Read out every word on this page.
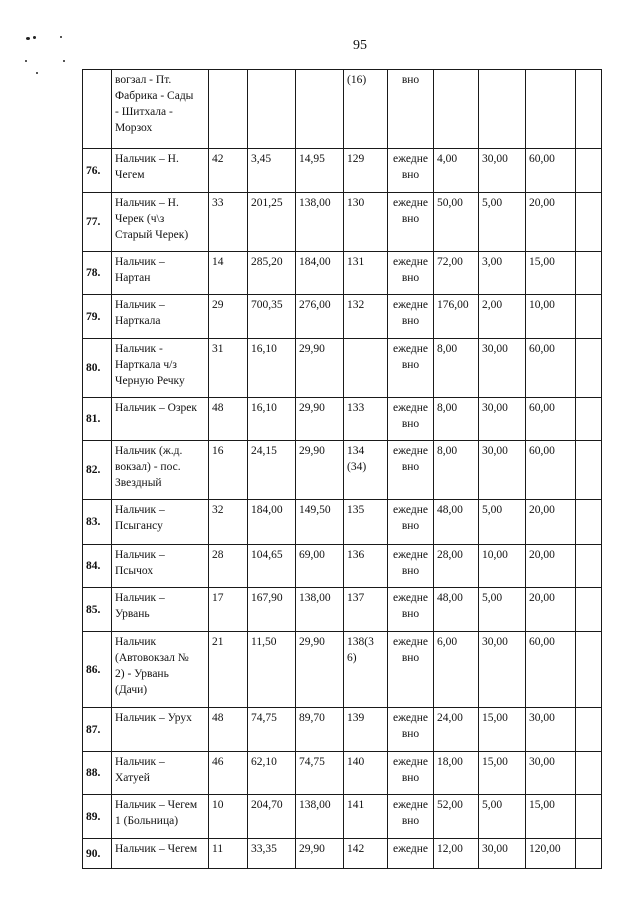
95

	вогзал - Пт.
Фабрика - Сады
- Шитхала -
Морзох				(16)	вно				

76.	Нальчик – Н.
Чегем	42	3,45	14,95	129	ежедне
вно	4,00	30,00	60,00	
77.	Нальчик – Н.
Черек (ч\з
Старый Черек)	33	201,25	138,00	130	ежедне
вно	50,00	5,00	20,00	
78.	Нальчик –
Нартан	14	285,20	184,00	131	ежедне
вно	72,00	3,00	15,00	
79.	Нальчик –
Нарткала	29	700,35	276,00	132	ежедне
вно	176,00	2,00	10,00	
80.	Нальчик -
Нарткала ч/з
Черную Речку	31	16,10	29,90		ежедне
вно	8,00	30,00	60,00	
81.	Нальчик – Озрек	48	16,10	29,90	133	ежедне
вно	8,00	30,00	60,00	
82.	Нальчик (ж.д.
вокзал) - пос.
Звездный	16	24,15	29,90	134
(34)	ежедне
вно	8,00	30,00	60,00	
83.	Нальчик –
Псыгансу	32	184,00	149,50	135	ежедне
вно	48,00	5,00	20,00	
84.	Нальчик –
Псычох	28	104,65	69,00	136	ежедне
вно	28,00	10,00	20,00	
85.	Нальчик –
Урвань	17	167,90	138,00	137	ежедне
вно	48,00	5,00	20,00	
86.	Нальчик
(Автовокзал №
2) - Урвань
(Дачи)	21	11,50	29,90	138(3
6)	ежедне
вно	6,00	30,00	60,00	
87.	Нальчик – Урух	48	74,75	89,70	139	ежедне
вно	24,00	15,00	30,00	
88.	Нальчик –
Хатуей	46	62,10	74,75	140	ежедне
вно	18,00	15,00	30,00	
89.	Нальчик – Чегем
1 (Больница)	10	204,70	138,00	141	ежедне
вно	52,00	5,00	15,00	
90.	Нальчик – Чегем	11	33,35	29,90	142	ежедне	12,00	30,00	120,00	
